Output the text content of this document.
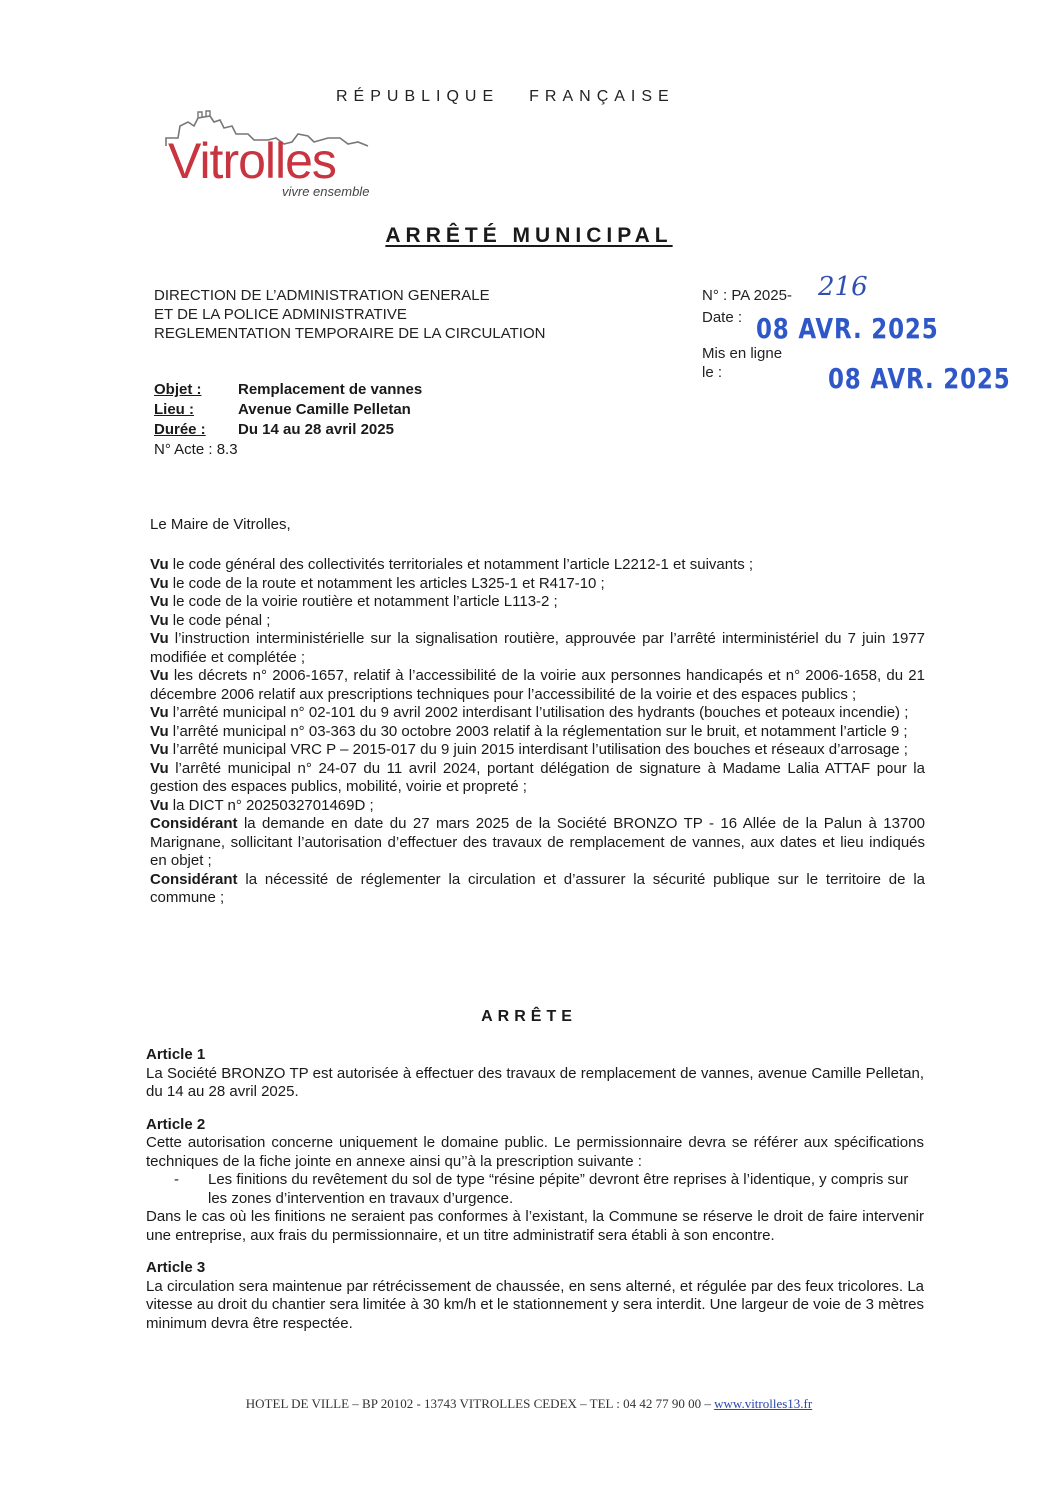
RÉPUBLIQUE FRANÇAISE
Vitrolles
vivre ensemble
ARRÊTÉ MUNICIPAL
DIRECTION DE L’ADMINISTRATION GENERALE
ET DE LA POLICE ADMINISTRATIVE
REGLEMENTATION TEMPORAIRE DE LA CIRCULATION
N° : PA 2025- 216
Date :
Mis en ligne le :
08 AVR. 2025
08 AVR. 2025
Objet : Remplacement de vannes
Lieu :	Avenue Camille Pelletan
Durée : Du 14 au 28 avril 2025
N° Acte : 8.3
Le Maire de Vitrolles,

Vu le code général des collectivités territoriales et notamment l’article L2212-1 et suivants ;

Vu le code de la route et notamment les articles L325-1 et R417-10 ;

Vu le code de la voirie routière et notamment l’article L113-2 ;

Vu le code pénal ;

Vu l’instruction interministérielle sur la signalisation routière, approuvée par l’arrêté interministériel du 7 juin 1977 modifiée et complétée ;

Vu les décrets n° 2006-1657, relatif à l’accessibilité de la voirie aux personnes handicapés et n° 2006-1658, du 21 décembre 2006 relatif aux prescriptions techniques pour l’accessibilité de la voirie et des espaces publics ;

Vu l’arrêté municipal n° 02-101 du 9 avril 2002 interdisant l’utilisation des hydrants (bouches et poteaux incendie) ;

Vu l’arrêté municipal n° 03-363 du 30 octobre 2003 relatif à la réglementation sur le bruit, et notamment l’article 9 ;

Vu l’arrêté municipal VRC P – 2015-017 du 9 juin 2015 interdisant l’utilisation des bouches et réseaux d’arrosage ;

Vu l’arrêté municipal n° 24-07 du 11 avril 2024, portant délégation de signature à Madame Lalia ATTAF pour la gestion des espaces publics, mobilité, voirie et propreté ;

Vu la DICT n° 2025032701469D ;

Considérant la demande en date du 27 mars 2025 de la Société BRONZO TP - 16 Allée de la Palun à 13700 Marignane, sollicitant l’autorisation d’effectuer des travaux de remplacement de vannes, aux dates et lieu indiqués en objet ;

Considérant la nécessité de réglementer la circulation et d’assurer la sécurité publique sur le territoire de la commune ;

ARRÊTE

Article 1

La Société BRONZO TP est autorisée à effectuer des travaux de remplacement de vannes, avenue Camille Pelletan, du 14 au 28 avril 2025.

Article 2

Cette autorisation concerne uniquement le domaine public. Le permissionnaire devra se référer aux spécifications techniques de la fiche jointe en annexe ainsi qu’’à la prescription suivante :

- Les finitions du revêtement du sol de type “résine pépite” devront être reprises à l’identique, y compris sur les zones d’intervention en travaux d’urgence.

Dans le cas où les finitions ne seraient pas conformes à l’existant, la Commune se réserve le droit de faire intervenir une entreprise, aux frais du permissionnaire, et un titre administratif sera établi à son encontre.

Article 3

La circulation sera maintenue par rétrécissement de chaussée, en sens alterné, et régulée par des feux tricolores. La vitesse au droit du chantier sera limitée à 30 km/h et le stationnement y sera interdit. Une largeur de voie de 3 mètres minimum devra être respectée.

HOTEL DE VILLE – BP 20102 - 13743 VITROLLES CEDEX – TEL : 04 42 77 90 00 – www.vitrolles13.fr
